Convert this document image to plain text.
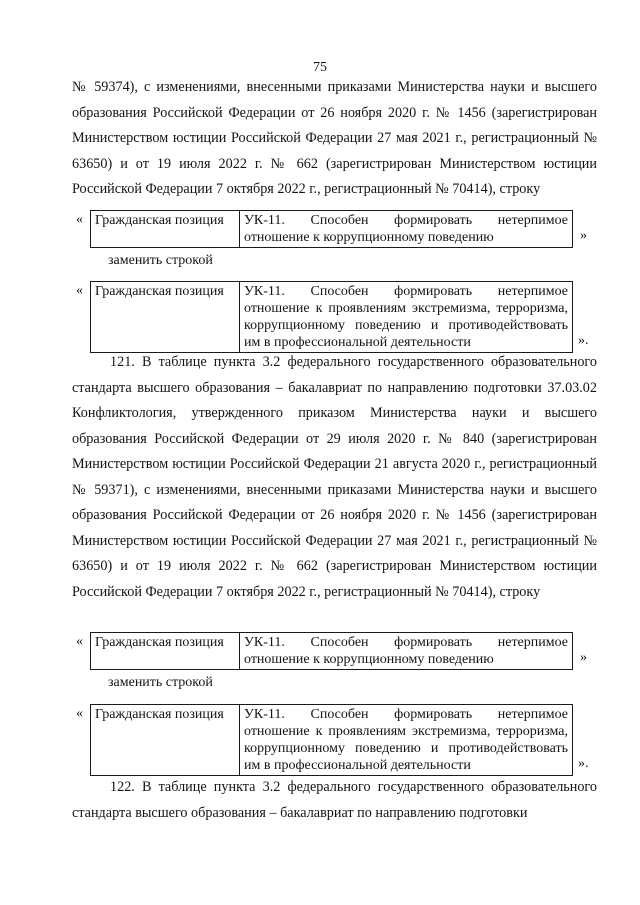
75

№ 59374), с изменениями, внесенными приказами Министерства науки и высшего образования Российской Федерации от 26 ноября 2020 г. № 1456 (зарегистрирован Министерством юстиции Российской Федерации 27 мая 2021 г., регистрационный № 63650) и от 19 июля 2022 г. № 662 (зарегистрирован Министерством юстиции Российской Федерации 7 октября 2022 г., регистрационный № 70414), строку

« Гражданская позиция	УК-11. Способен формировать нетерпимое

отношение к коррупционному поведению	»
заменить строкой
« Гражданская позиция	УК-11. Способен формировать нетерпимое

отношение к проявлениям экстремизма, терроризма,

коррупционному поведению и противодействовать

им в профессиональной деятельности	».

121. В таблице пункта 3.2 федерального государственного образовательного стандарта высшего образования – бакалавриат по направлению подготовки 37.03.02 Конфликтология, утвержденного приказом Министерства науки и высшего образования Российской Федерации от 29 июля 2020 г. № 840 (зарегистрирован Министерством юстиции Российской Федерации 21 августа 2020 г., регистрационный № 59371), с изменениями, внесенными приказами Министерства науки и высшего образования Российской Федерации от 26 ноября 2020 г. № 1456 (зарегистрирован Министерством юстиции Российской Федерации 27 мая 2021 г., регистрационный № 63650) и от 19 июля 2022 г. № 662 (зарегистрирован Министерством юстиции Российской Федерации 7 октября 2022 г., регистрационный № 70414), строку

« Гражданская позиция	УК-11. Способен формировать нетерпимое

отношение к коррупционному поведению	»
заменить строкой
« Гражданская позиция	УК-11. Способен формировать нетерпимое

отношение к проявлениям экстремизма, терроризма,

коррупционному поведению и противодействовать

им в профессиональной деятельности	».

122. В таблице пункта 3.2 федерального государственного образовательного стандарта высшего образования – бакалавриат по направлению подготовки
